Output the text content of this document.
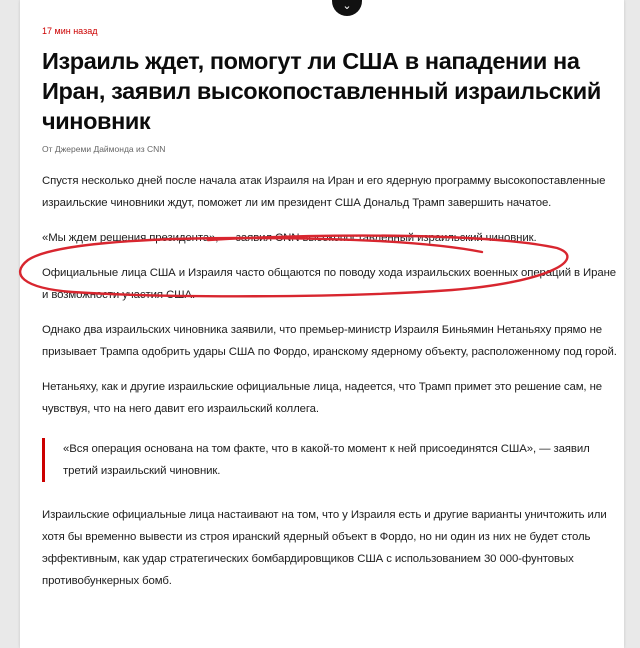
⌄
17 мин назад
Израиль ждет, помогут ли США в нападении на Иран, заявил высокопоставленный израильский чиновник
От Джереми Даймонда из CNN

Спустя несколько дней после начала атак Израиля на Иран и его ядерную программу высокопоставленные израильские чиновники ждут, поможет ли им президент США Дональд Трамп завершить начатое.

«Мы ждем решения президента», — заявил CNN высокопоставленный израильский чиновник.

Официальные лица США и Израиля часто общаются по поводу хода израильских военных операций в Иране и возможности участия США.

Однако два израильских чиновника заявили, что премьер-министр Израиля Биньямин Нетаньяху прямо не призывает Трампа одобрить удары США по Фордо, иранскому ядерному объекту, расположенному под горой.

Нетаньяху, как и другие израильские официальные лица, надеется, что Трамп примет это решение сам, не чувствуя, что на него давит его израильский коллега.

«Вся операция основана на том факте, что в какой-то момент к ней присоединятся США», — заявил третий израильский чиновник.

Израильские официальные лица настаивают на том, что у Израиля есть и другие варианты уничтожить или хотя бы временно вывести из строя иранский ядерный объект в Фордо, но ни один из них не будет столь эффективным, как удар стратегических бомбардировщиков США с использованием 30 000-фунтовых противобункерных бомб.
